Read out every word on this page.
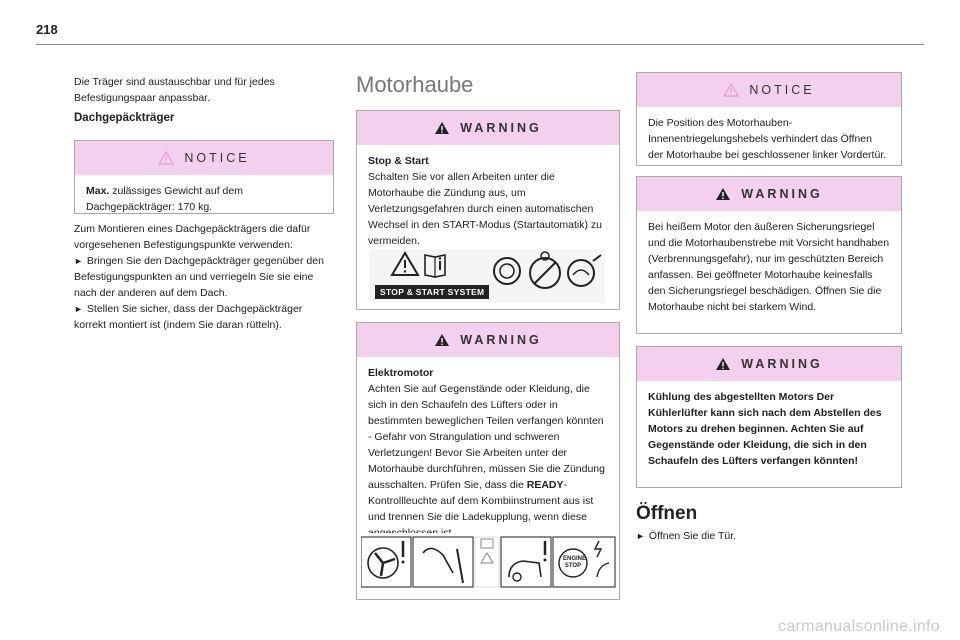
218
Die Träger sind austauschbar und für jedes Befestigungspaar anpassbar.
Dachgepäckträger
NOTICE
Max. zulässiges Gewicht auf dem Dachgepäckträger: 170 kg.
Zum Montieren eines Dachgepäckträgers die dafür vorgesehenen Befestigungspunkte verwenden:
► Bringen Sie den Dachgepäckträger gegenüber den Befestigungspunkten an und verriegeln Sie sie eine nach der anderen auf dem Dach.
► Stellen Sie sicher, dass der Dachgepäckträger korrekt montiert ist (indem Sie daran rütteln).
Motorhaube
WARNING
Stop & Start
Schalten Sie vor allen Arbeiten unter die Motorhaube die Zündung aus, um Verletzungsgefahren durch einen automatischen Wechsel in den START-Modus (Startautomatik) zu vermeiden.
STOP & START SYSTEM
WARNING
Elektromotor
Achten Sie auf Gegenstände oder Kleidung, die sich in den Schaufeln des Lüfters oder in bestimmten beweglichen Teilen verfangen könnten - Gefahr von Strangulation und schweren Verletzungen! Bevor Sie Arbeiten unter der Motorhaube durchführen, müssen Sie die Zündung ausschalten. Prüfen Sie, dass die READY-Kontrollleuchte auf dem Kombiinstrument aus ist und trennen Sie die Ladekupplung, wenn diese
ENGINE
STOP
NOTICE
Die Position des Motorhauben-Innenentriegelungshebels verhindert das Öffnen der Motorhaube bei geschlossener linker Vordertür.
WARNING
Bei heißem Motor den äußeren Sicherungsriegel und die Motorhaubenstrebe mit Vorsicht handhaben (Verbrennungsgefahr), nur im geschützten Bereich anfassen. Bei geöffneter Motorhaube keinesfalls den Sicherungsriegel beschädigen. Öffnen Sie die Motorhaube nicht bei starkem Wind.
WARNING
Kühlung des abgestellten Motors Der Kühlerlüfter kann sich nach dem Abstellen des Motors zu drehen beginnen. Achten Sie auf Gegenstände oder Kleidung, die sich in den Schaufeln des Lüfters verfangen könnten!
Öffnen
► Öffnen Sie die Tür.
carmanualsonline.info
